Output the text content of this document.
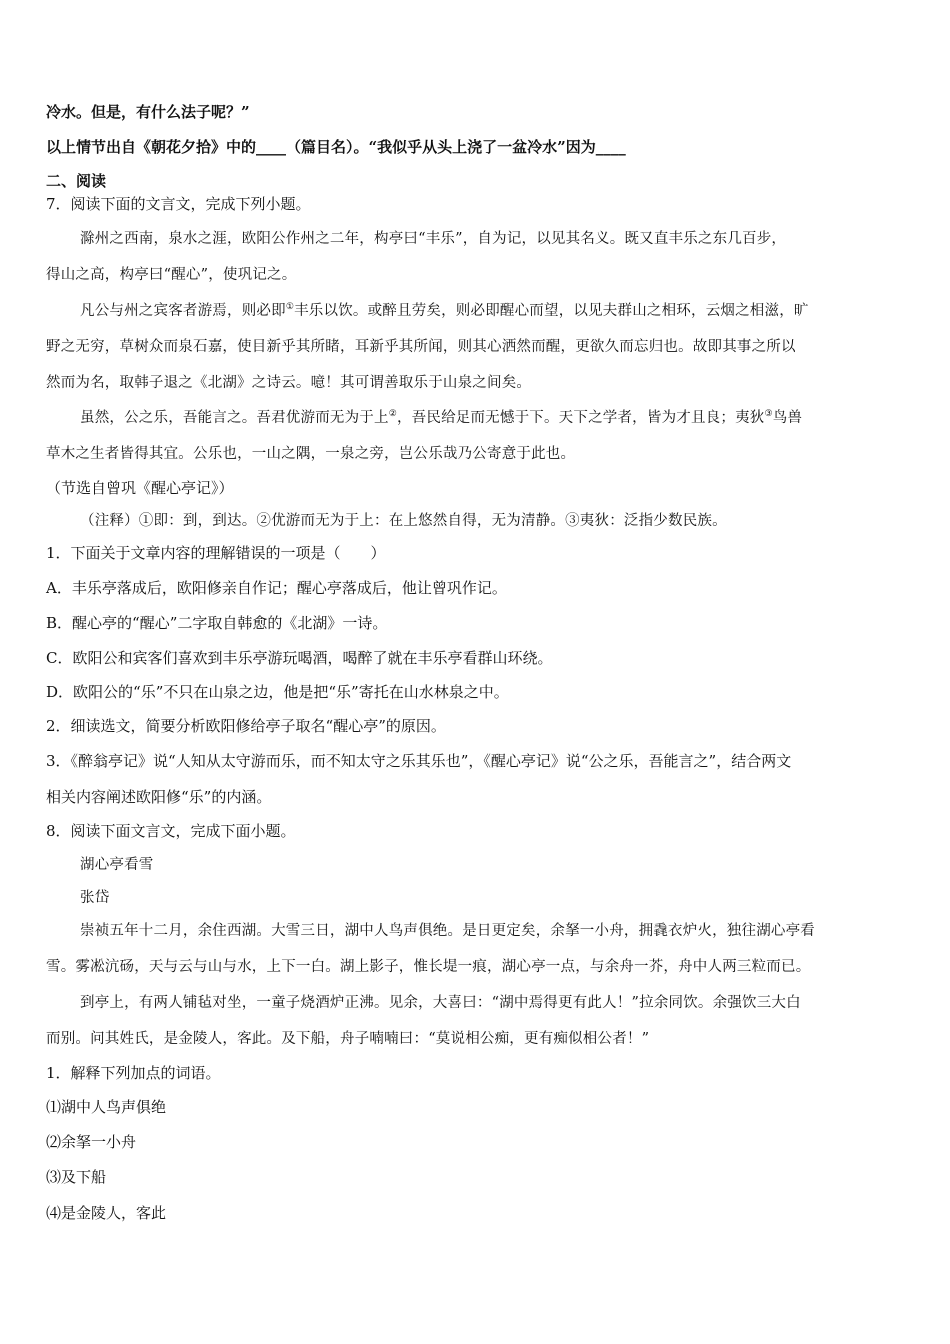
冷水。但是，有什么法子呢？”
以上情节出自《朝花夕拾》中的____（篇目名）。“我似乎从头上浇了一盆冷水”因为____
二、阅读
7．阅读下面的文言文，完成下列小题。
滁州之西南，泉水之涯，欧阳公作州之二年，构亭曰“丰乐”，自为记，以见其名义。既又直丰乐之东几百步，
得山之高，构亭曰“醒心”，使巩记之。
凡公与州之宾客者游焉，则必即①丰乐以饮。或醉且劳矣，则必即醒心而望，以见夫群山之相环，云烟之相滋，旷
野之无穷，草树众而泉石嘉，使目新乎其所睹，耳新乎其所闻，则其心洒然而醒，更欲久而忘归也。故即其事之所以
然而为名，取韩子退之《北湖》之诗云。噫！其可谓善取乐于山泉之间矣。
虽然，公之乐，吾能言之。吾君优游而无为于上②，吾民给足而无憾于下。天下之学者，皆为才且良；夷狄③鸟兽
草木之生者皆得其宜。公乐也，一山之隅，一泉之旁，岂公乐哉乃公寄意于此也。
（节选自曾巩《醒心亭记》）
（注释）①即：到，到达。②优游而无为于上：在上悠然自得，无为清静。③夷狄：泛指少数民族。
1．下面关于文章内容的理解错误的一项是（　　）
A．丰乐亭落成后，欧阳修亲自作记；醒心亭落成后，他让曾巩作记。
B．醒心亭的“醒心”二字取自韩愈的《北湖》一诗。
C．欧阳公和宾客们喜欢到丰乐亭游玩喝酒，喝醉了就在丰乐亭看群山环绕。
D．欧阳公的“乐”不只在山泉之边，他是把“乐”寄托在山水林泉之中。
2．细读选文，简要分析欧阳修给亭子取名“醒心亭”的原因。
3．《醉翁亭记》说“人知从太守游而乐，而不知太守之乐其乐也”，《醒心亭记》说“公之乐，吾能言之”，结合两文
相关内容阐述欧阳修“乐”的内涵。
8．阅读下面文言文，完成下面小题。
湖心亭看雪
张岱
崇祯五年十二月，余住西湖。大雪三日，湖中人鸟声俱绝。是日更定矣，余拏一小舟，拥毳衣炉火，独往湖心亭看
雪。雾凇沆砀，天与云与山与水，上下一白。湖上影子，惟长堤一痕，湖心亭一点，与余舟一芥，舟中人两三粒而已。
到亭上，有两人铺毡对坐，一童子烧酒炉正沸。见余，大喜曰：“湖中焉得更有此人！”拉余同饮。余强饮三大白
而别。问其姓氏，是金陵人，客此。及下船，舟子喃喃曰：“莫说相公痴，更有痴似相公者！”
1．解释下列加点的词语。
⑴湖中人鸟声俱绝
⑵余拏一小舟
⑶及下船
⑷是金陵人，客此
